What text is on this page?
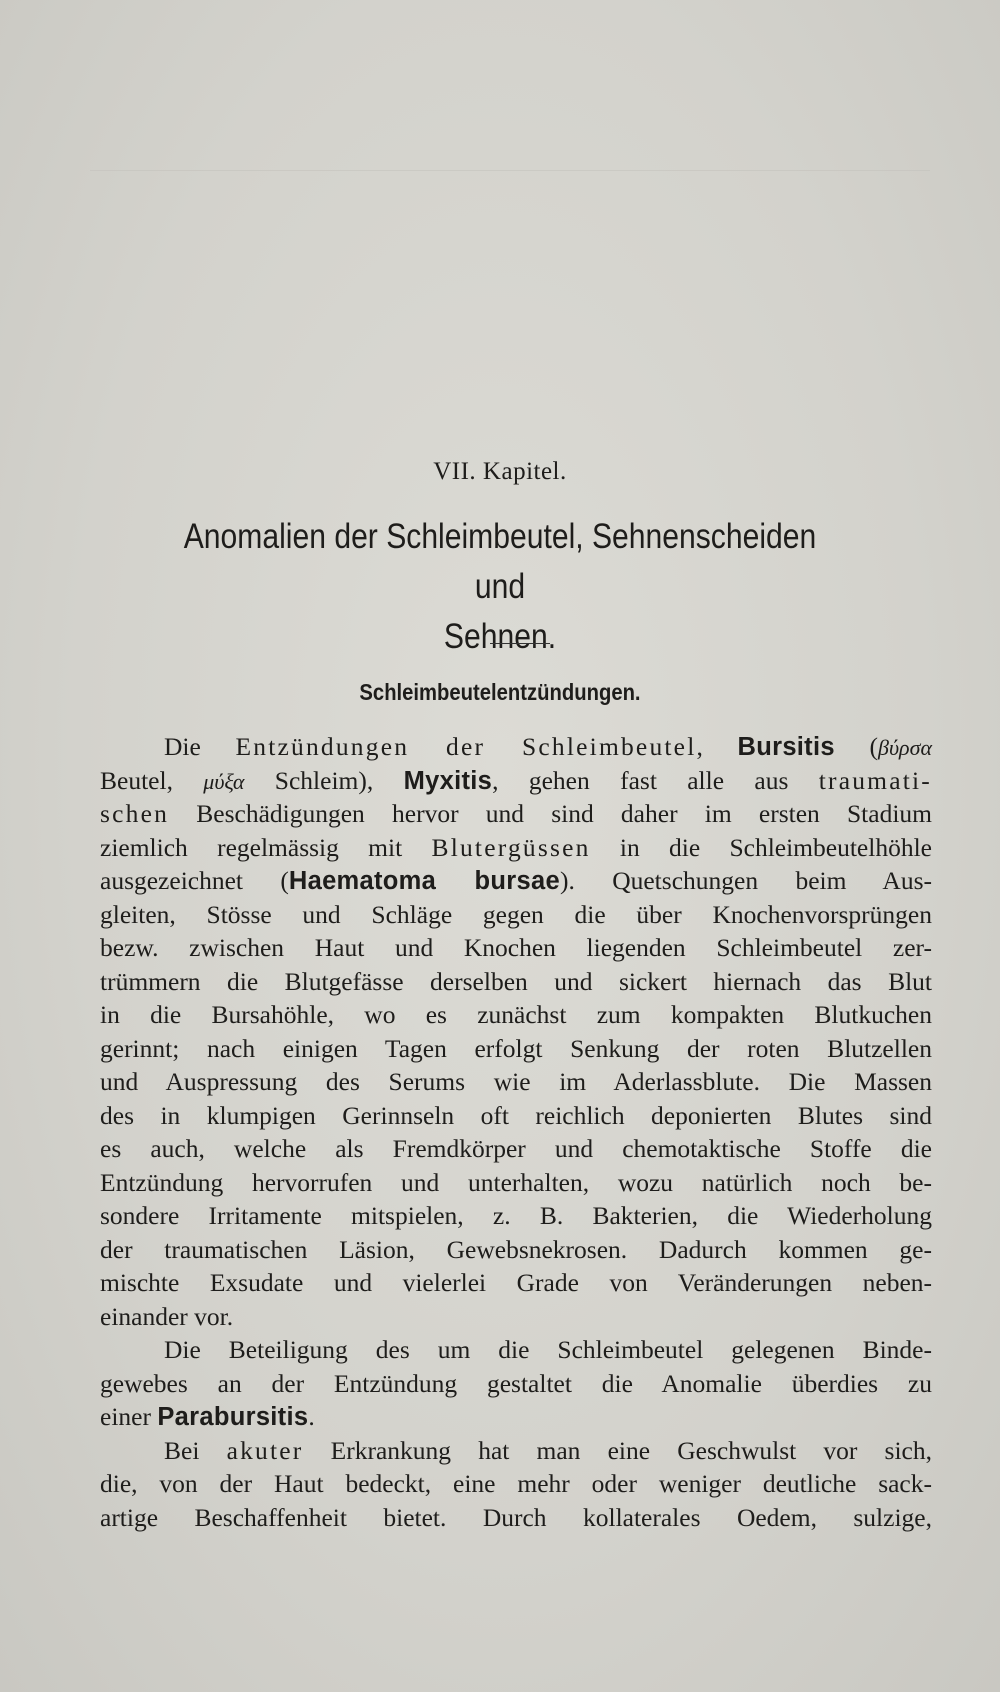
VII. Kapitel.
Anomalien der Schleimbeutel, Sehnenscheiden und
Sehnen.
Schleimbeutelentzündungen.
Die Entzündungen der Schleimbeutel, Bursitis (βύρσα
Beutel, μύξα Schleim), Myxitis, gehen fast alle aus traumati-
schen Beschädigungen hervor und sind daher im ersten Stadium
ziemlich regelmässig mit Blutergüssen in die Schleimbeutelhöhle
ausgezeichnet (Haematoma bursae). Quetschungen beim Aus-
gleiten, Stösse und Schläge gegen die über Knochenvorsprüngen
bezw. zwischen Haut und Knochen liegenden Schleimbeutel zer-
trümmern die Blutgefässe derselben und sickert hiernach das Blut
in die Bursahöhle, wo es zunächst zum kompakten Blutkuchen
gerinnt; nach einigen Tagen erfolgt Senkung der roten Blutzellen
und Auspressung des Serums wie im Aderlassblute. Die Massen
des in klumpigen Gerinnseln oft reichlich deponierten Blutes sind
es auch, welche als Fremdkörper und chemotaktische Stoffe die
Entzündung hervorrufen und unterhalten, wozu natürlich noch be-
sondere Irritamente mitspielen, z. B. Bakterien, die Wiederholung
der traumatischen Läsion, Gewebsnekrosen. Dadurch kommen ge-
mischte Exsudate und vielerlei Grade von Veränderungen neben-
einander vor.
Die Beteiligung des um die Schleimbeutel gelegenen Binde-
gewebes an der Entzündung gestaltet die Anomalie überdies zu
einer Parabursitis.
Bei akuter Erkrankung hat man eine Geschwulst vor sich,
die, von der Haut bedeckt, eine mehr oder weniger deutliche sack-
artige Beschaffenheit bietet. Durch kollaterales Oedem, sulzige,
